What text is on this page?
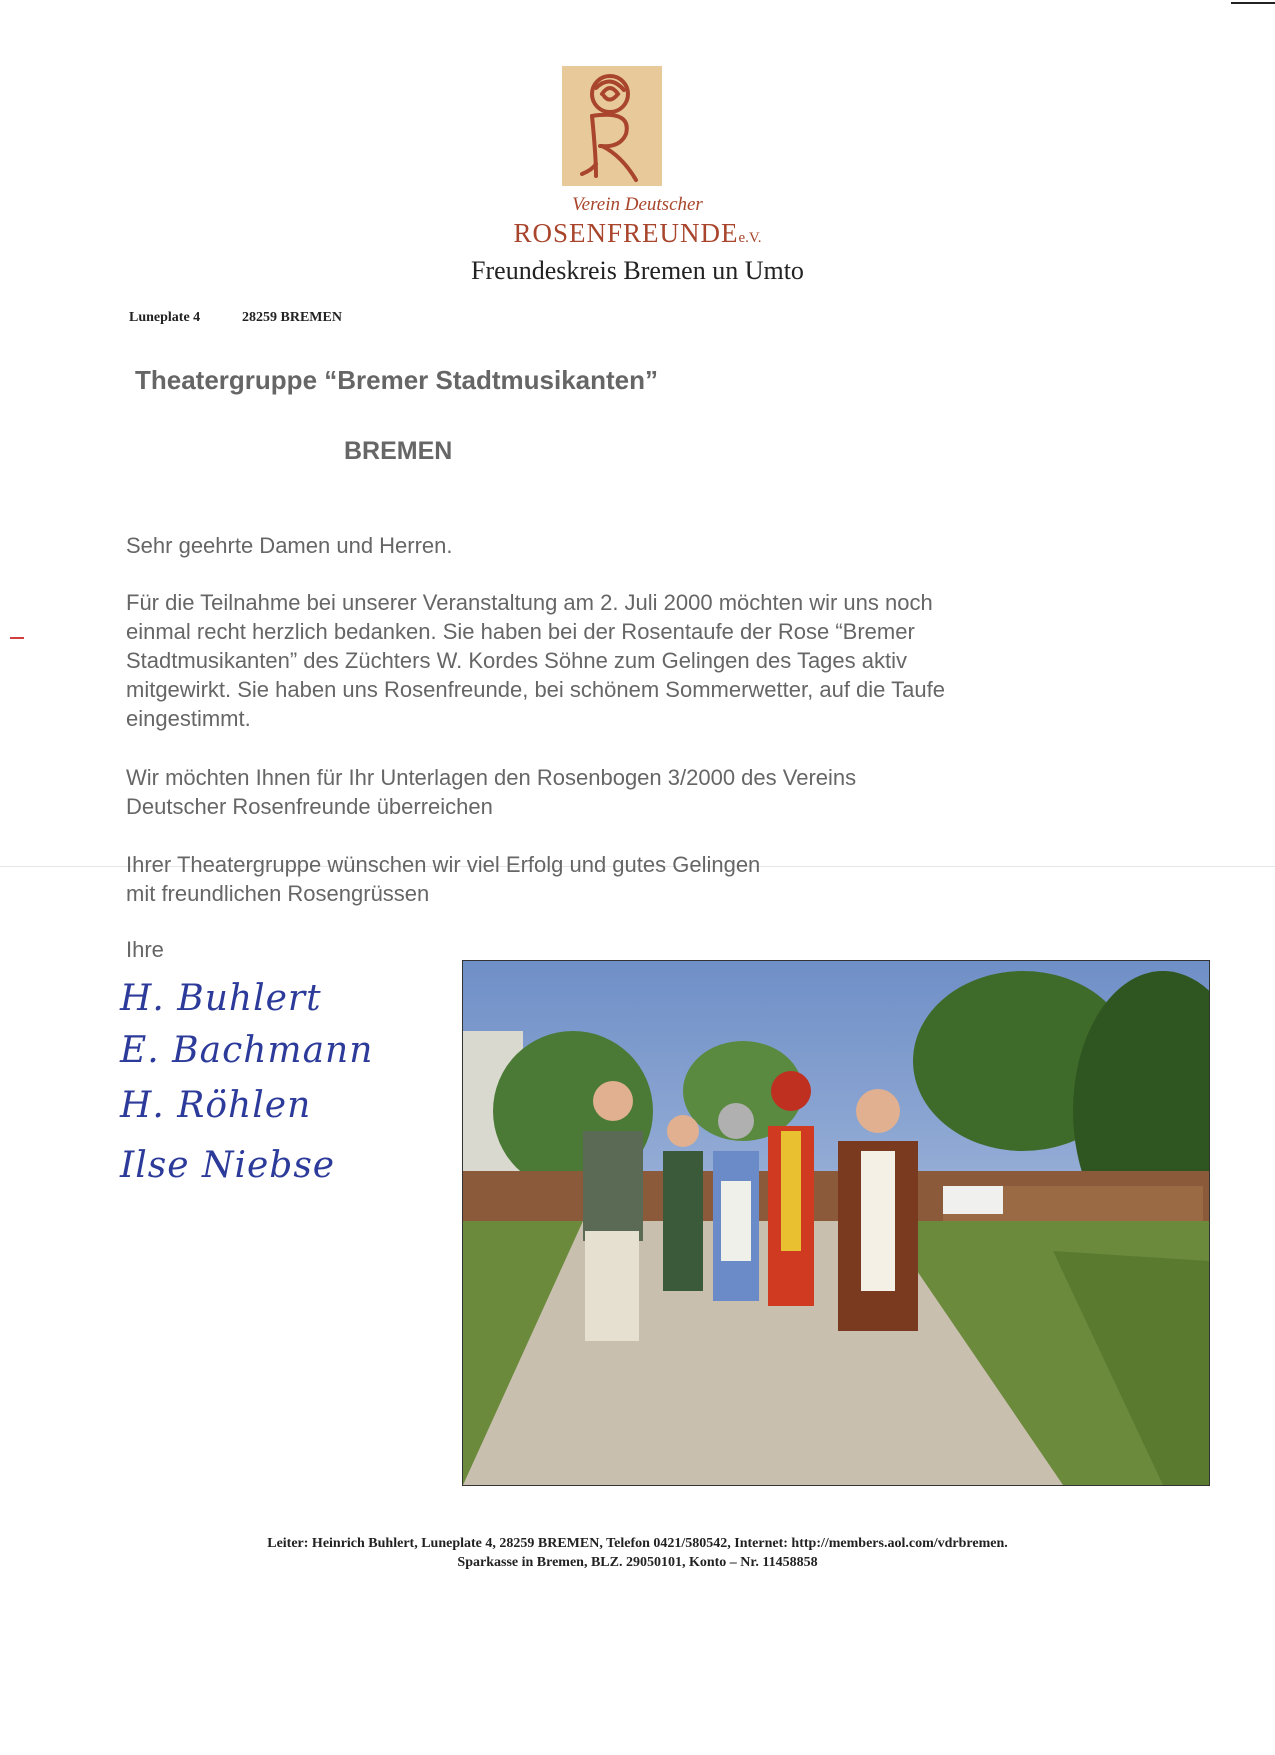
Verein Deutscher
ROSENFREUNDEe.V.
Freundeskreis Bremen un Umto
Luneplate 4	28259 BREMEN
Theatergruppe “Bremer Stadtmusikanten”
BREMEN
Sehr geehrte Damen und Herren.
Für die Teilnahme bei unserer Veranstaltung am 2. Juli 2000 möchten wir uns noch
einmal recht herzlich bedanken. Sie haben bei der Rosentaufe der Rose “Bremer
Stadtmusikanten” des Züchters W. Kordes Söhne zum Gelingen des Tages aktiv
mitgewirkt. Sie haben uns Rosenfreunde, bei schönem Sommerwetter, auf die Taufe
eingestimmt.
Wir möchten Ihnen für Ihr Unterlagen den Rosenbogen 3/2000 des Vereins
Deutscher Rosenfreunde überreichen
Ihrer Theatergruppe wünschen wir viel Erfolg und gutes Gelingen
mit freundlichen Rosengrüssen
Ihre
H. Buhlert
E. Bachmann
H. Röhlen
Ilse Niebse
Leiter: Heinrich Buhlert, Luneplate 4, 28259 BREMEN, Telefon 0421/580542, Internet: http://members.aol.com/vdrbremen.
Sparkasse in Bremen, BLZ. 29050101, Konto – Nr. 11458858
